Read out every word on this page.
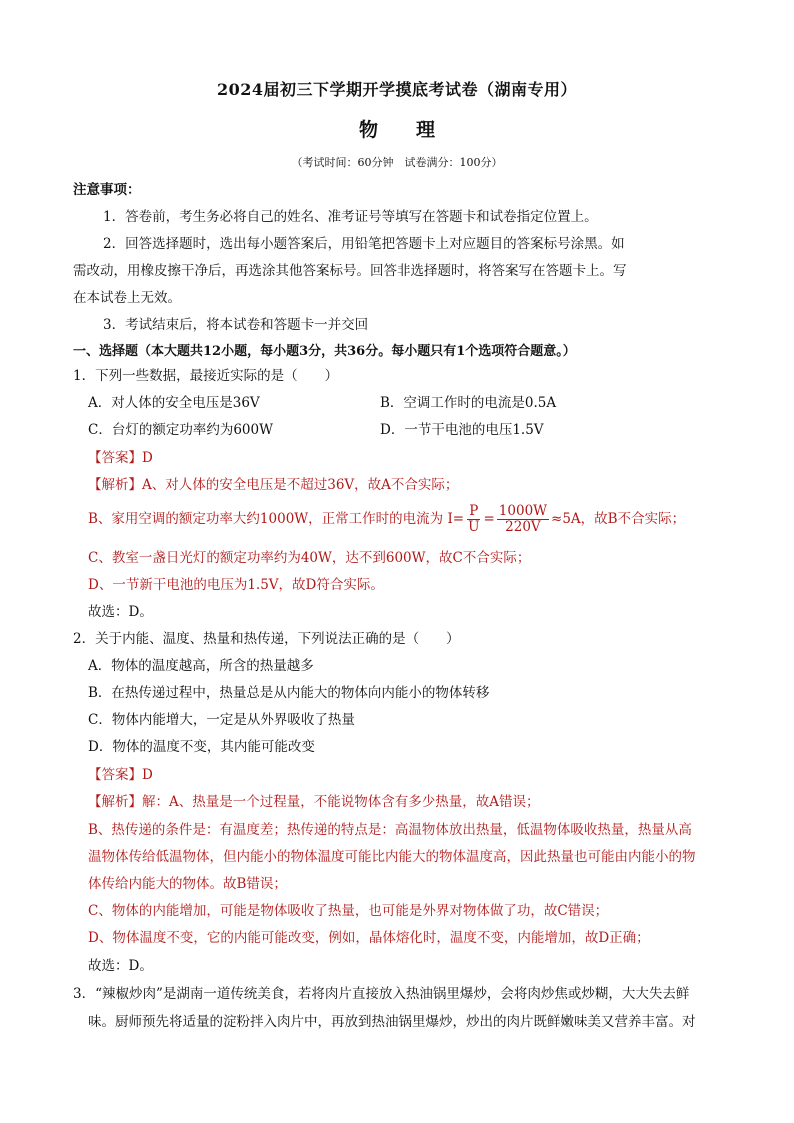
2024届初三下学期开学摸底考试卷（湖南专用）
物　　理
（考试时间：60分钟　试卷满分：100分）
注意事项：
1．答卷前，考生务必将自己的姓名、准考证号等填写在答题卡和试卷指定位置上。
2．回答选择题时，选出每小题答案后，用铅笔把答题卡上对应题目的答案标号涂黑。如
需改动，用橡皮擦干净后，再选涂其他答案标号。回答非选择题时，将答案写在答题卡上。写
在本试卷上无效。
3．考试结束后，将本试卷和答题卡一并交回
一、选择题（本大题共12小题，每小题3分，共36分。每小题只有1个选项符合题意。）
1．下列一些数据，最接近实际的是（　　）
A．对人体的安全电压是36V	B．空调工作时的电流是0.5A
C．台灯的额定功率约为600W	D．一节干电池的电压1.5V
【答案】D
【解析】A、对人体的安全电压是不超过36V，故A不合实际；
B、家用空调的额定功率大约1000W，正常工作时的电流为 $I= \frac{P}{U} = \frac{1000W}{220V} \approx 5A$，故B不合实际；
C、教室一盏日光灯的额定功率约为40W，达不到600W，故C不合实际；
D、一节新干电池的电压为1.5V，故D符合实际。
故选：D。
2．关于内能、温度、热量和热传递，下列说法正确的是（　　）
A．物体的温度越高，所含的热量越多
B．在热传递过程中，热量总是从内能大的物体向内能小的物体转移
C．物体内能增大，一定是从外界吸收了热量
D．物体的温度不变，其内能可能改变
【答案】D
【解析】解：A、热量是一个过程量，不能说物体含有多少热量，故A错误；
B、热传递的条件是：有温度差；热传递的特点是：高温物体放出热量，低温物体吸收热量，热量从高
温物体传给低温物体，但内能小的物体温度可能比内能大的物体温度高，因此热量也可能由内能小的物
体传给内能大的物体。故B错误；
C、物体的内能增加，可能是物体吸收了热量，也可能是外界对物体做了功，故C错误；
D、物体温度不变，它的内能可能改变，例如，晶体熔化时，温度不变，内能增加，故D正确；
故选：D。
3．“辣椒炒肉”是湖南一道传统美食，若将肉片直接放入热油锅里爆炒，会将肉炒焦或炒糊，大大失去鲜
味。厨师预先将适量的淀粉拌入肉片中，再放到热油锅里爆炒，炒出的肉片既鲜嫩味美又营养丰富。对
